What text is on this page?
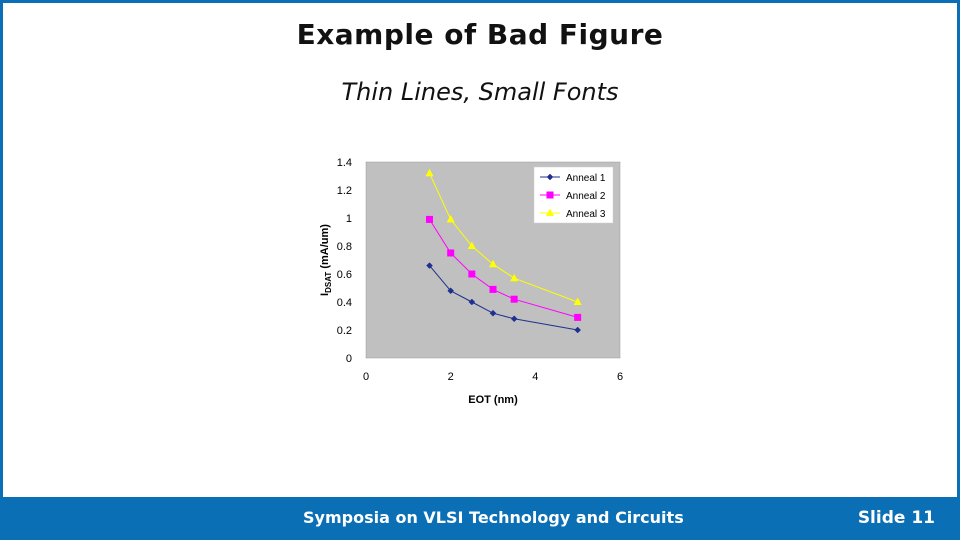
Example of Bad Figure
Thin Lines, Small Fonts
0
0.2
0.4
0.6
0.8
1
1.2
1.4
0	2	4	6
EOT (nm)
$I_{DSAT}$ (mA/um)
Anneal 1
Anneal 2
Anneal 3
Symposia on VLSI Technology and Circuits	Slide 11
